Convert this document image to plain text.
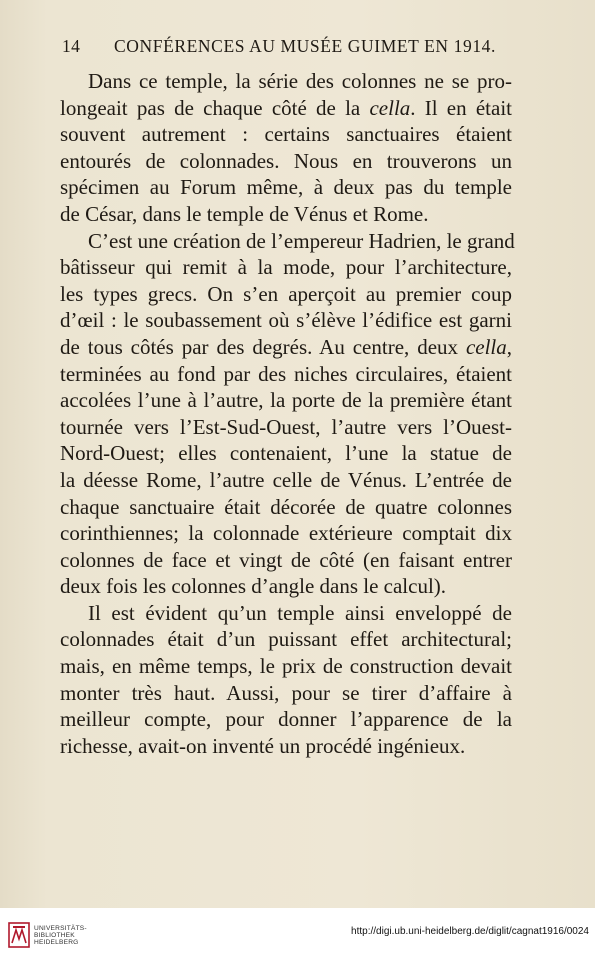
14 CONFÉRENCES AU MUSÉE GUIMET EN 1914.
Dans ce temple, la série des colonnes ne se pro-
longeait pas de chaque côté de la cella. Il en était
souvent autrement : certains sanctuaires étaient
entourés de colonnades. Nous en trouverons un
spécimen au Forum même, à deux pas du temple
de César, dans le temple de Vénus et Rome.
C’est une création de l’empereur Hadrien, le grand
bâtisseur qui remit à la mode, pour l’architecture,
les types grecs. On s’en aperçoit au premier coup
d’œil : le soubassement où s’élève l’édifice est garni
de tous côtés par des degrés. Au centre, deux cella,
terminées au fond par des niches circulaires, étaient
accolées l’une à l’autre, la porte de la première étant
tournée vers l’Est-Sud-Ouest, l’autre vers l’Ouest-
Nord-Ouest; elles contenaient, l’une la statue de
la déesse Rome, l’autre celle de Vénus. L’entrée de
chaque sanctuaire était décorée de quatre colonnes
corinthiennes; la colonnade extérieure comptait dix
colonnes de face et vingt de côté (en faisant entrer
deux fois les colonnes d’angle dans le calcul).
Il est évident qu’un temple ainsi enveloppé de
colonnades était d’un puissant effet architectural;
mais, en même temps, le prix de construction devait
monter très haut. Aussi, pour se tirer d’affaire à
meilleur compte, pour donner l’apparence de la
richesse, avait-on inventé un procédé ingénieux.
UNIVERSITÄTS-
BIBLIOTHEK
HEIDELBERG
http://digi.ub.uni-heidelberg.de/diglit/cagnat1916/0024
